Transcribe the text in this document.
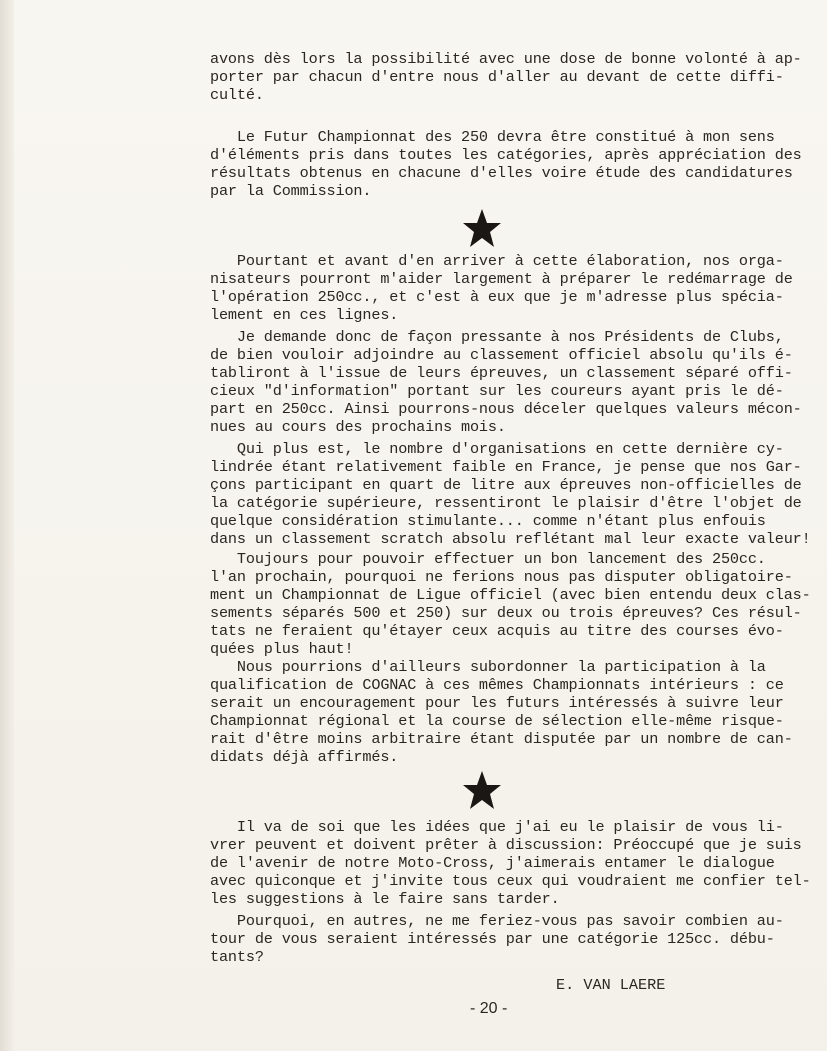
avons dès lors la possibilité avec une dose de bonne volonté à ap-
porter par chacun d'entre nous d'aller au devant de cette diffi-
culté.
Le Futur Championnat des 250 devra être constitué à mon sens
d'éléments pris dans toutes les catégories, après appréciation des
résultats obtenus en chacune d'elles voire étude des candidatures
par la Commission.
Pourtant et avant d'en arriver à cette élaboration, nos orga-
nisateurs pourront m'aider largement à préparer le redémarrage de
l'opération 250cc., et c'est à eux que je m'adresse plus spécia-
lement en ces lignes.
Je demande donc de façon pressante à nos Présidents de Clubs,
de bien vouloir adjoindre au classement officiel absolu qu'ils é-
tabliront à l'issue de leurs épreuves, un classement séparé offi-
cieux "d'information" portant sur les coureurs ayant pris le dé-
part en 250cc. Ainsi pourrons-nous déceler quelques valeurs mécon-
nues au cours des prochains mois.
Qui plus est, le nombre d'organisations en cette dernière cy-
lindrée étant relativement faible en France, je pense que nos Gar-
çons participant en quart de litre aux épreuves non-officielles de
la catégorie supérieure, ressentiront le plaisir d'être l'objet de
quelque considération stimulante... comme n'étant plus enfouis
dans un classement scratch absolu reflétant mal leur exacte valeur!
Toujours pour pouvoir effectuer un bon lancement des 250cc.
l'an prochain, pourquoi ne ferions nous pas disputer obligatoire-
ment un Championnat de Ligue officiel (avec bien entendu deux clas-
sements séparés 500 et 250) sur deux ou trois épreuves? Ces résul-
tats ne feraient qu'étayer ceux acquis au titre des courses évo-
quées plus haut!
Nous pourrions d'ailleurs subordonner la participation à la
qualification de COGNAC à ces mêmes Championnats intérieurs : ce
serait un encouragement pour les futurs intéressés à suivre leur
Championnat régional et la course de sélection elle-même risque-
rait d'être moins arbitraire étant disputée par un nombre de can-
didats déjà affirmés.
Il va de soi que les idées que j'ai eu le plaisir de vous li-
vrer peuvent et doivent prêter à discussion: Préoccupé que je suis
de l'avenir de notre Moto-Cross, j'aimerais entamer le dialogue
avec quiconque et j'invite tous ceux qui voudraient me confier tel-
les suggestions à le faire sans tarder.
Pourquoi, en autres, ne me feriez-vous pas savoir combien au-
tour de vous seraient intéressés par une catégorie 125cc. débu-
tants?
E. VAN LAERE
- 20 -
